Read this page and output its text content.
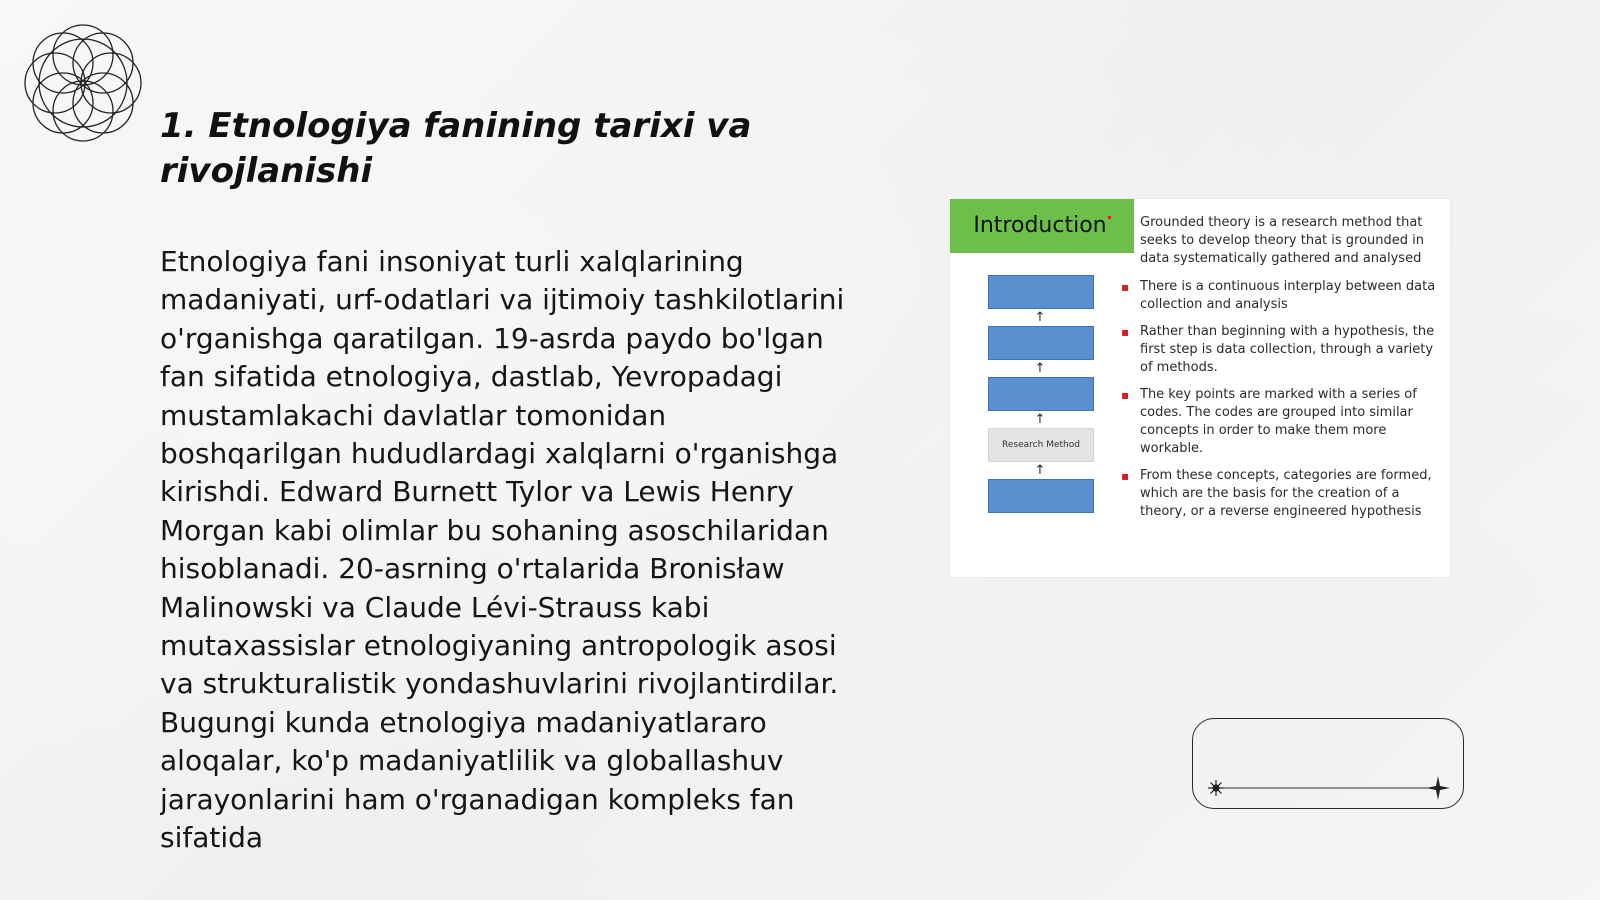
1. Etnologiya fanining tarixi va rivojlanishi

Etnologiya fani insoniyat turli xalqlarining madaniyati, urf-odatlari va ijtimoiy tashkilotlarini o'rganishga qaratilgan. 19-asrda paydo bo'lgan fan sifatida etnologiya, dastlab, Yevropadagi mustamlakachi davlatlar tomonidan boshqarilgan hududlardagi xalqlarni o'rganishga kirishdi. Edward Burnett Tylor va Lewis Henry Morgan kabi olimlar bu sohaning asoschilaridan hisoblanadi. 20-asrning o'rtalarida Bronisław Malinowski va Claude Lévi-Strauss kabi mutaxassislar etnologiyaning antropologik asosi va strukturalistik yondashuvlarini rivojlantirdilar. Bugungi kunda etnologiya madaniyatlararo aloqalar, ko'p madaniyatlilik va globallashuv jarayonlarini ham o'rganadigan kompleks fan sifatida

Introduction
↑
↑
↑
Research Method
↑

Grounded theory is a research method that seeks to develop theory that is grounded in data systematically gathered and analysed

▪ There is a continuous interplay between data collection and analysis
▪ Rather than beginning with a hypothesis, the first step is data collection, through a variety of methods.
▪ The key points are marked with a series of codes. The codes are grouped into similar concepts in order to make them more workable.
▪ From these concepts, categories are formed, which are the basis for the creation of a theory, or a reverse engineered hypothesis
